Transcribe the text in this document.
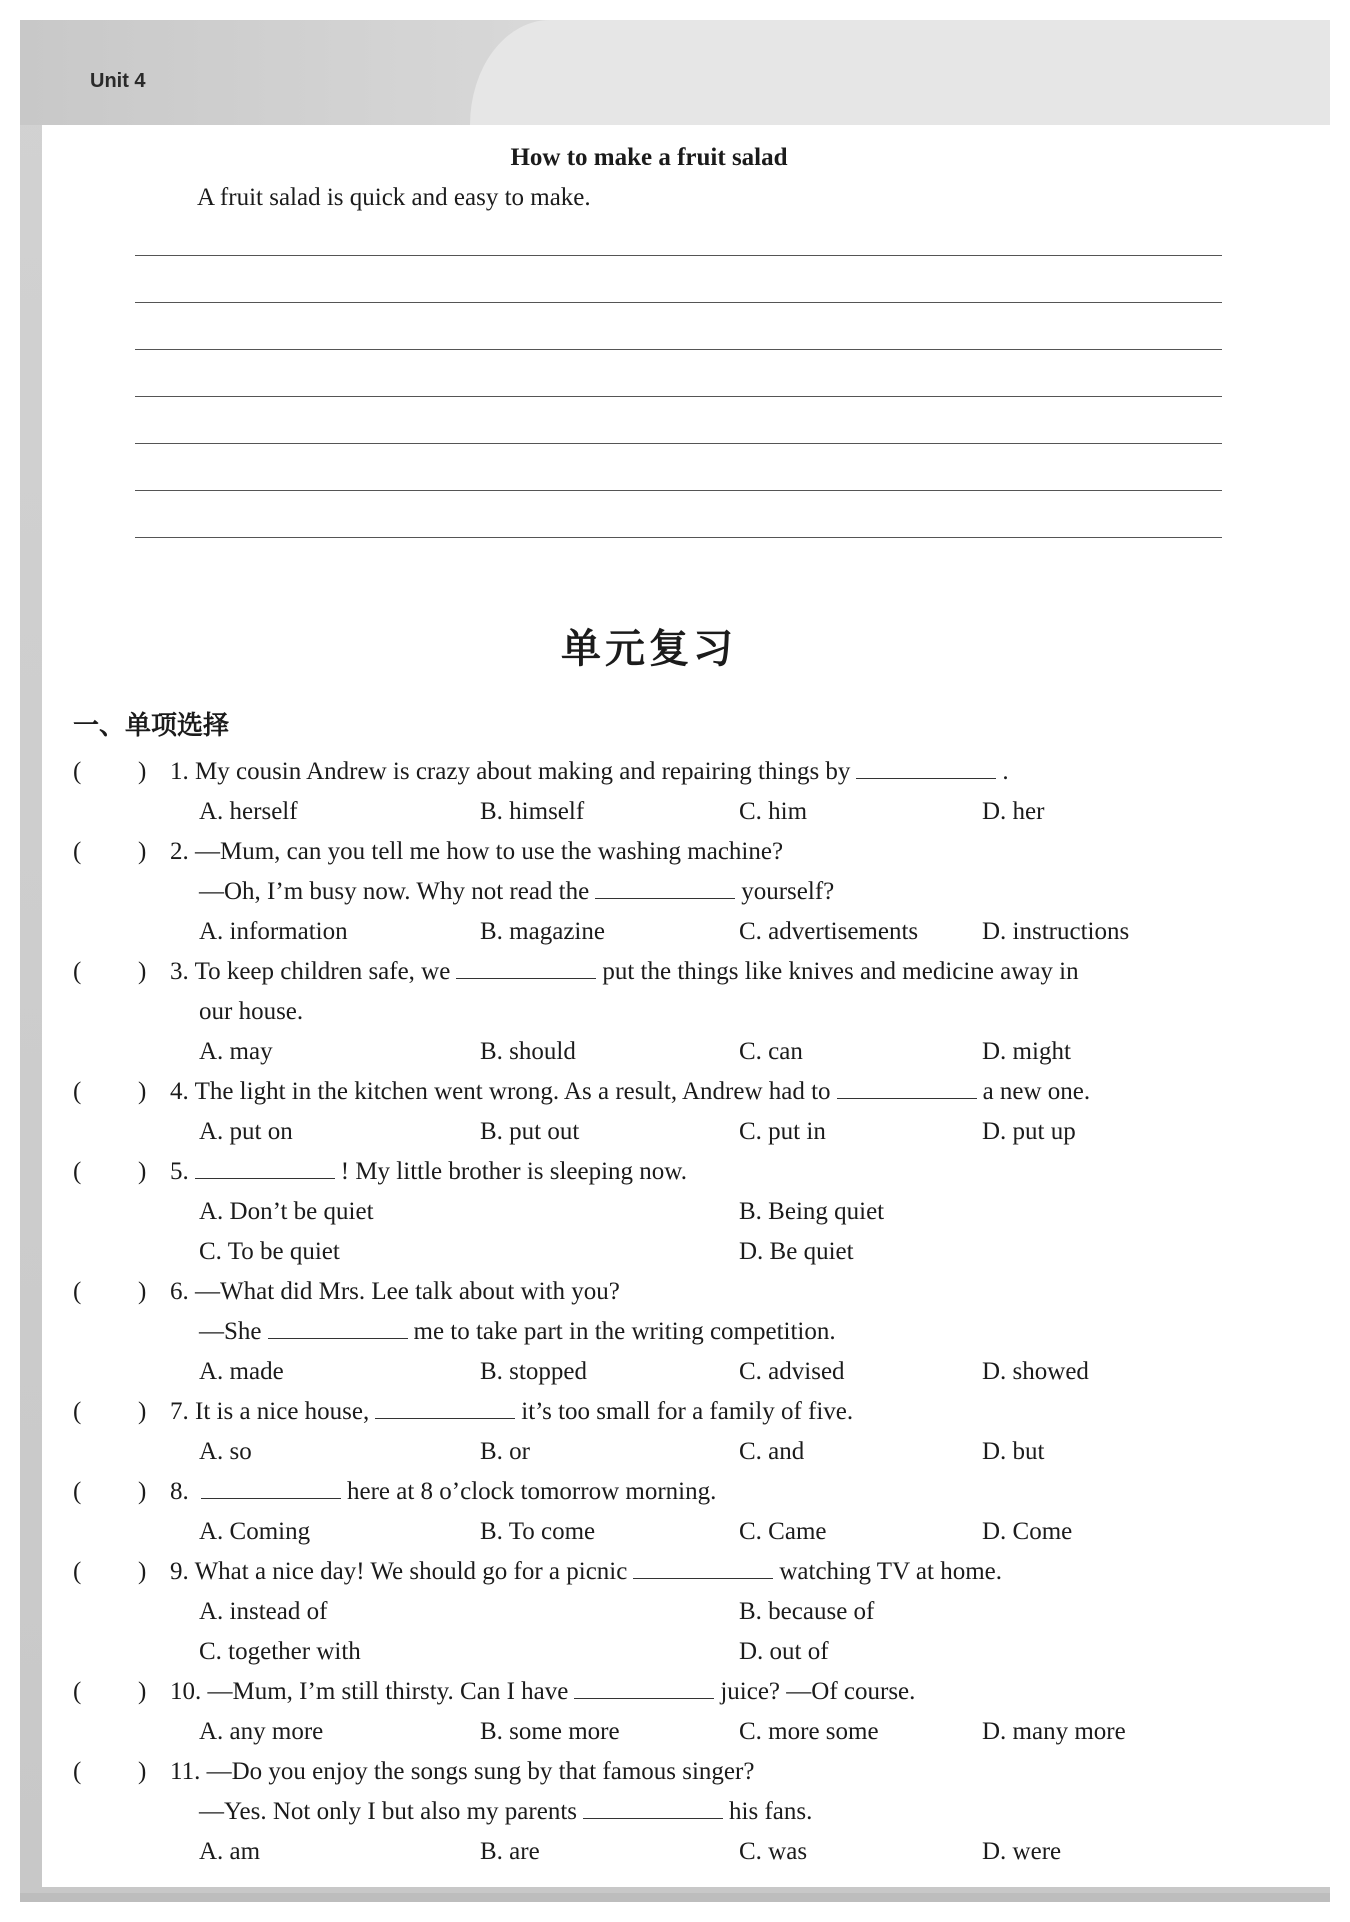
Unit 4
How to make a fruit salad
A fruit salad is quick and easy to make.
单元复习
一、单项选择
( ) 1. My cousin Andrew is crazy about making and repairing things by	.
A. herself	B. himself	C. him	D. her
( ) 2. —Mum, can you tell me how to use the washing machine?
—Oh, I’m busy now. Why not read the	yourself?
A. information	B. magazine	C. advertisements	D. instructions
( ) 3. To keep children safe, we	put the things like knives and medicine away in
our house.
A. may	B. should	C. can	D. might
( ) 4. The light in the kitchen went wrong. As a result, Andrew had to	a new one.
A. put on	B. put out	C. put in	D. put up
( ) 5.	! My little brother is sleeping now.
A. Don’t be quiet	B. Being quiet
C. To be quiet	D. Be quiet
( ) 6. —What did Mrs. Lee talk about with you?
—She	me to take part in the writing competition.
A. made	B. stopped	C. advised	D. showed
( ) 7. It is a nice house,	it’s too small for a family of five.
A. so	B. or	C. and	D. but
( ) 8.	here at 8 o’clock tomorrow morning.
A. Coming	B. To come	C. Came	D. Come
( ) 9. What a nice day! We should go for a picnic	watching TV at home.
A. instead of	B. because of
C. together with	D. out of
( ) 10. —Mum, I’m still thirsty. Can I have	juice? —Of course.
A. any more	B. some more	C. more some	D. many more
( ) 11. —Do you enjoy the songs sung by that famous singer?
—Yes. Not only I but also my parents	his fans.
A. am	B. are	C. was	D. were
